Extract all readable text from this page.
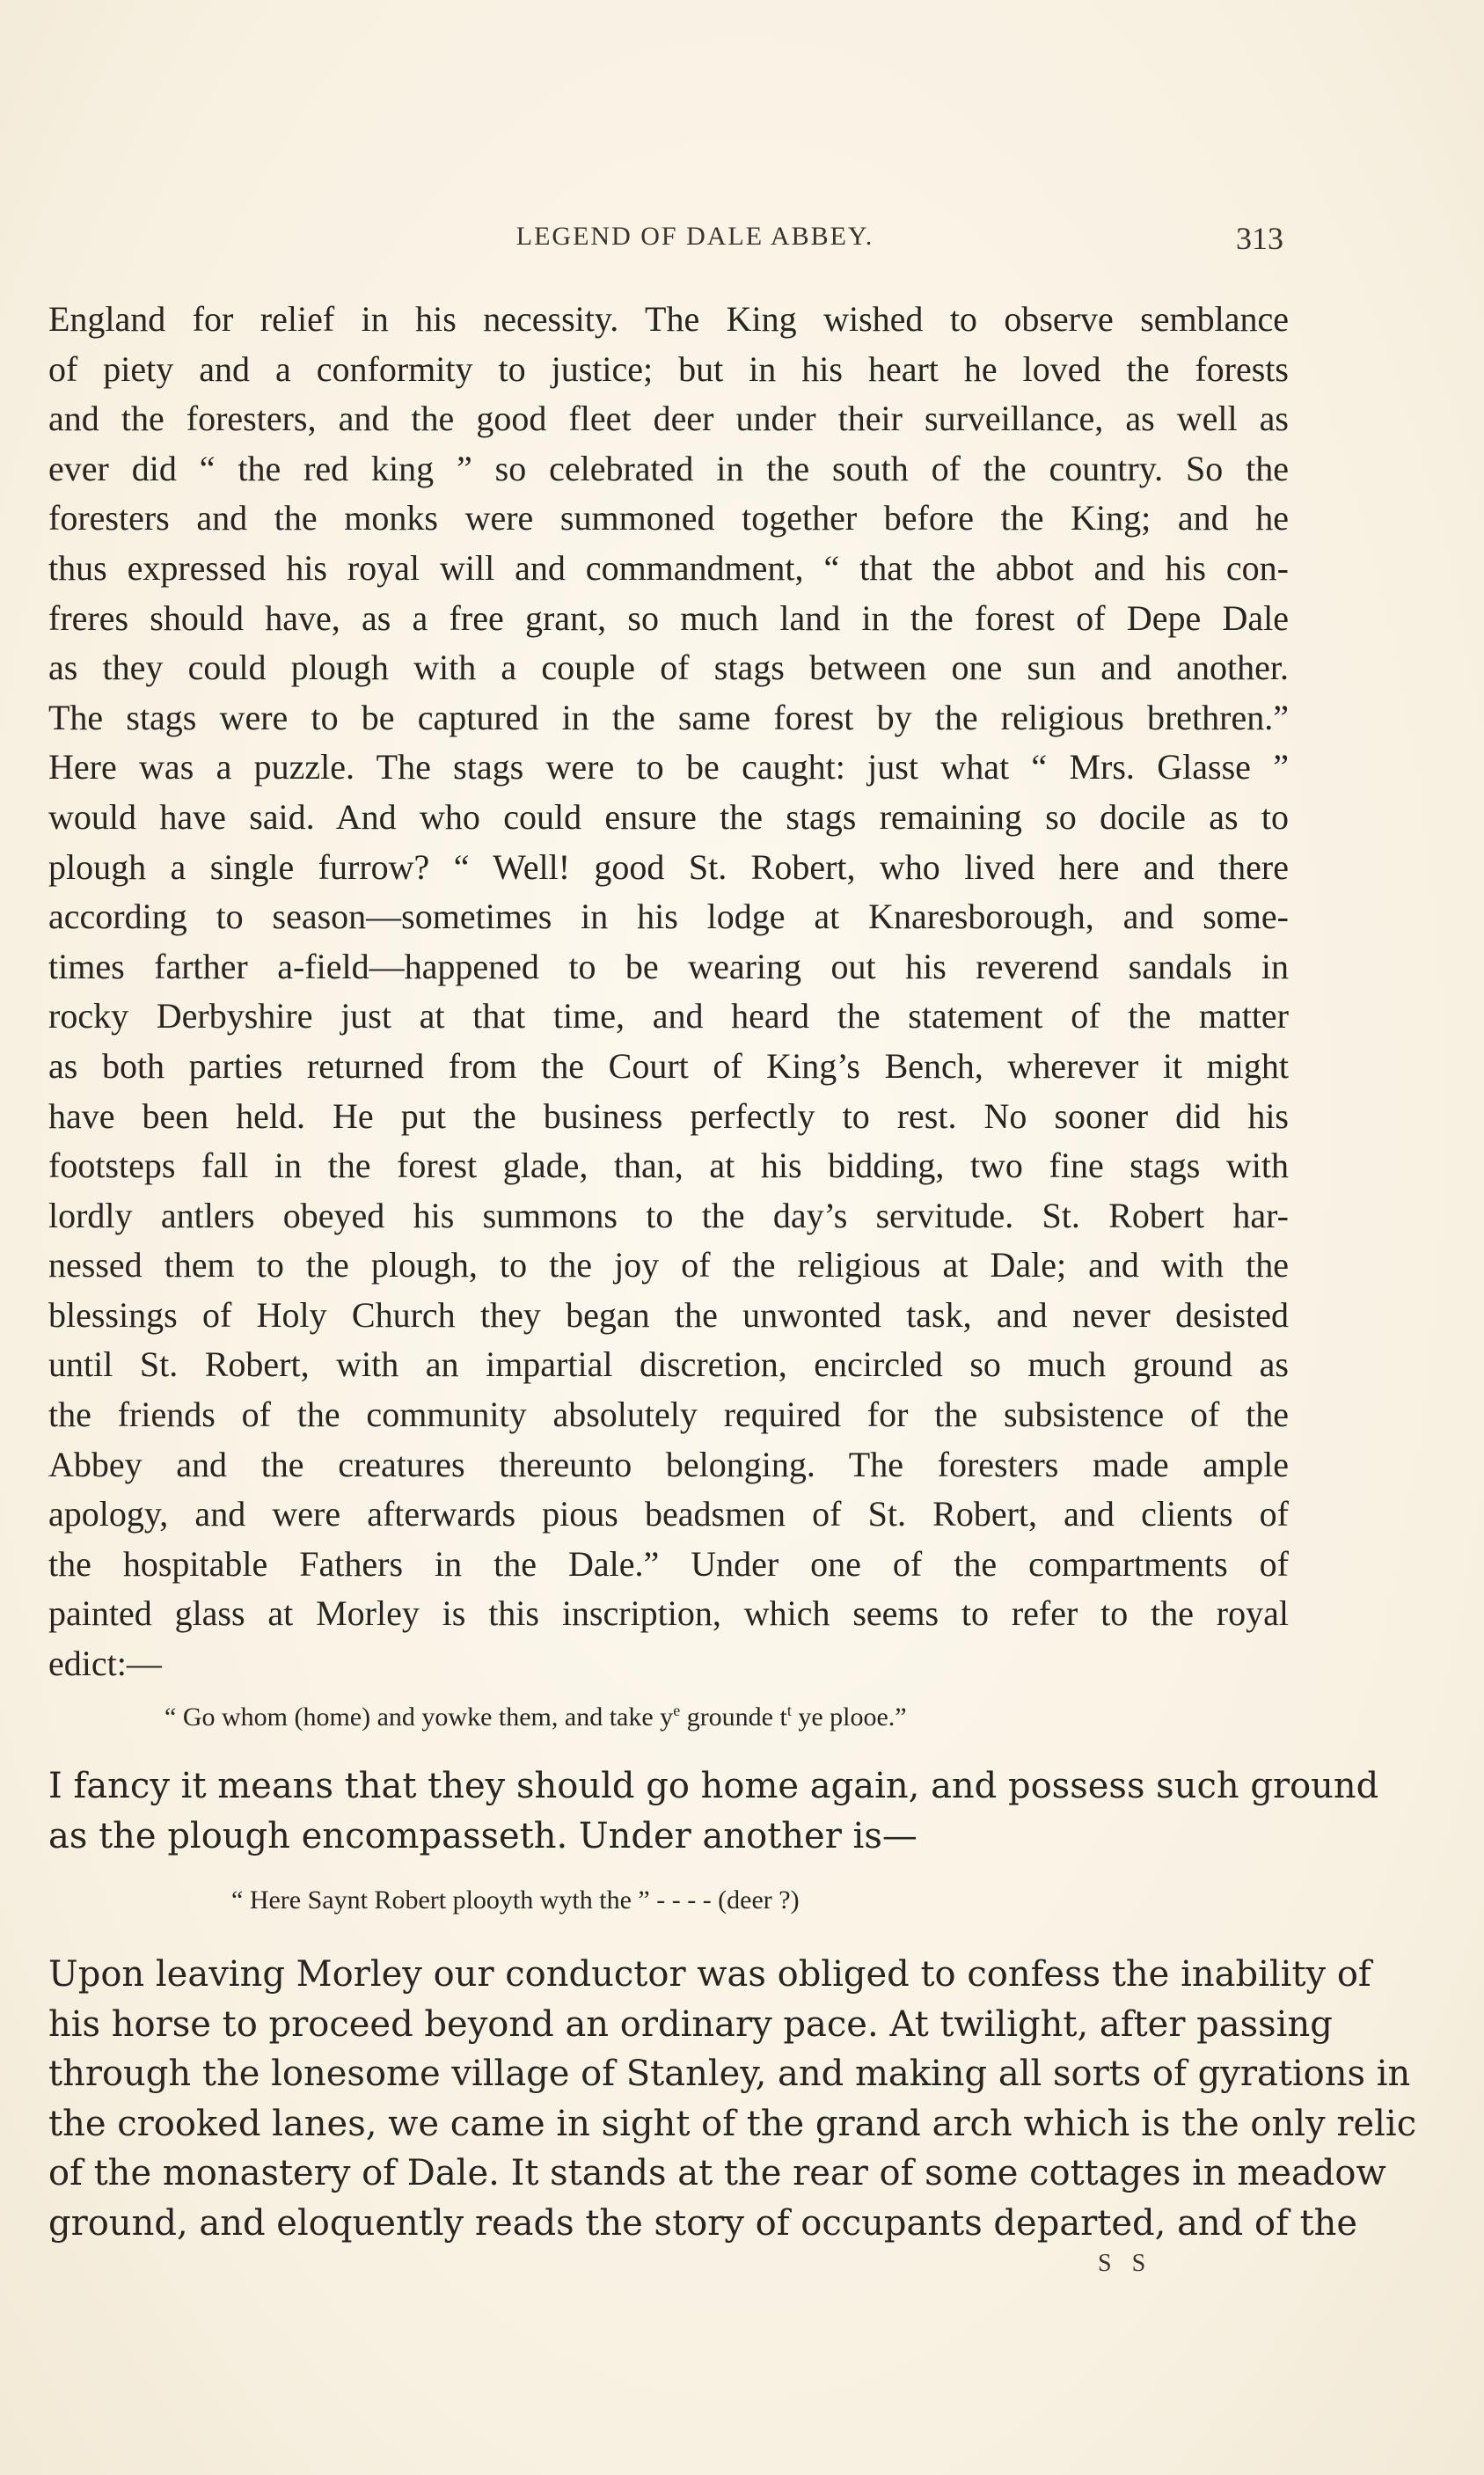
LEGEND OF DALE ABBEY.	313
England for relief in his necessity. The King wished to observe semblance
of piety and a conformity to justice; but in his heart he loved the forests
and the foresters, and the good fleet deer under their surveillance, as well as
ever did “ the red king ” so celebrated in the south of the country. So the
foresters and the monks were summoned together before the King; and he
thus expressed his royal will and commandment, “ that the abbot and his con-
freres should have, as a free grant, so much land in the forest of Depe Dale
as they could plough with a couple of stags between one sun and another.
The stags were to be captured in the same forest by the religious brethren.”
Here was a puzzle. The stags were to be caught: just what “ Mrs. Glasse ”
would have said. And who could ensure the stags remaining so docile as to
plough a single furrow? “ Well! good St. Robert, who lived here and there
according to season—sometimes in his lodge at Knaresborough, and some-
times farther a-field—happened to be wearing out his reverend sandals in
rocky Derbyshire just at that time, and heard the statement of the matter
as both parties returned from the Court of King’s Bench, wherever it might
have been held. He put the business perfectly to rest. No sooner did his
footsteps fall in the forest glade, than, at his bidding, two fine stags with
lordly antlers obeyed his summons to the day’s servitude. St. Robert har-
nessed them to the plough, to the joy of the religious at Dale; and with the
blessings of Holy Church they began the unwonted task, and never desisted
until St. Robert, with an impartial discretion, encircled so much ground as
the friends of the community absolutely required for the subsistence of the
Abbey and the creatures thereunto belonging. The foresters made ample
apology, and were afterwards pious beadsmen of St. Robert, and clients of
the hospitable Fathers in the Dale.” Under one of the compartments of
painted glass at Morley is this inscription, which seems to refer to the royal
edict:—
“ Go whom (home) and yowke them, and take $y^e$ grounde $t^t$ ye plooe.”
I fancy it means that they should go home again, and possess such ground
as the plough encompasseth. Under another is—
“ Here Saynt Robert plooyth wyth the ” - - - - (deer ?)
Upon leaving Morley our conductor was obliged to confess the inability of
his horse to proceed beyond an ordinary pace. At twilight, after passing
through the lonesome village of Stanley, and making all sorts of gyrations in
the crooked lanes, we came in sight of the grand arch which is the only relic
of the monastery of Dale. It stands at the rear of some cottages in meadow
ground, and eloquently reads the story of occupants departed, and of the
S S
